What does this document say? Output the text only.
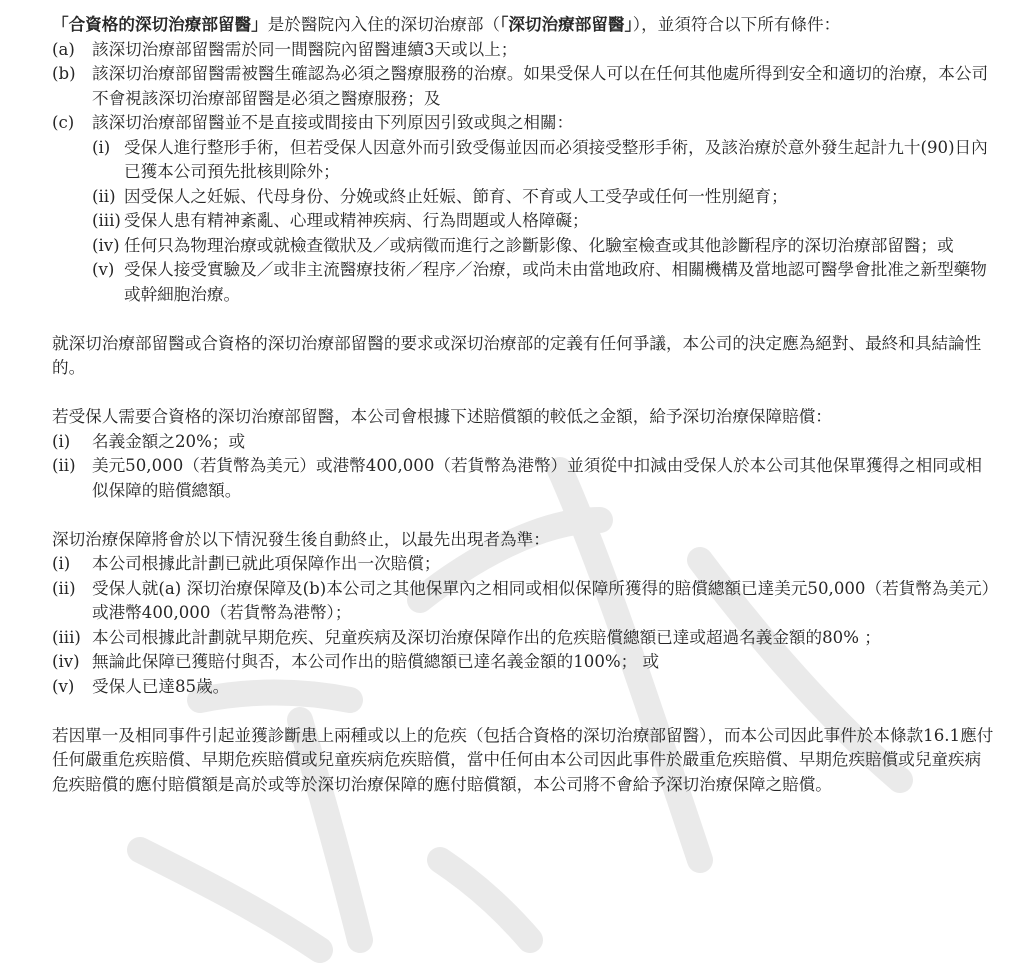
「合資格的深切治療部留醫」是於醫院內入住的深切治療部（「深切治療部留醫」），並須符合以下所有條件：

(a)	該深切治療部留醫需於同一間醫院內留醫連續3天或以上；
(b) 該深切治療部留醫需被醫生確認為必須之醫療服務的治療。如果受保人可以在任何其他處所得到安全和適切的治療，本公司不會視該深切治療部留醫是必須之醫療服務；及
(c)	該深切治療部留醫並不是直接或間接由下列原因引致或與之相關：
(i) 受保人進行整形手術，但若受保人因意外而引致受傷並因而必須接受整形手術，及該治療於意外發生起計九十(90)日內已獲本公司預先批核則除外；
(ii) 因受保人之妊娠、代母身份、分娩或終止妊娠、節育、不育或人工受孕或任何一性別絕育；
(iii) 受保人患有精神紊亂、心理或精神疾病、行為問題或人格障礙；
(iv) 任何只為物理治療或就檢查徵狀及／或病徵而進行之診斷影像、化驗室檢查或其他診斷程序的深切治療部留醫；或
(v) 受保人接受實驗及／或非主流醫療技術／程序／治療，或尚未由當地政府、相關機構及當地認可醫學會批准之新型藥物或幹細胞治療。

就深切治療部留醫或合資格的深切治療部留醫的要求或深切治療部的定義有任何爭議，本公司的決定應為絕對、最終和具結論性的。

若受保人需要合資格的深切治療部留醫，本公司會根據下述賠償額的較低之金額，給予深切治療保障賠償：

(i)	名義金額之20%；或
(ii) 美元50,000（若貨幣為美元）或港幣400,000（若貨幣為港幣）並須從中扣減由受保人於本公司其他保單獲得之相同或相似保障的賠償總額。

深切治療保障將會於以下情況發生後自動終止，以最先出現者為準：

(i)	本公司根據此計劃已就此項保障作出一次賠償；
(ii) 受保人就(a) 深切治療保障及(b)本公司之其他保單內之相同或相似保障所獲得的賠償總額已達美元50,000（若貨幣為美元）或港幣400,000（若貨幣為港幣）；
(iii) 本公司根據此計劃就早期危疾、兒童疾病及深切治療保障作出的危疾賠償總額已達或超過名義金額的80% ；
(iv) 無論此保障已獲賠付與否，本公司作出的賠償總額已達名義金額的100%； 或
(v)	受保人已達85歲。

若因單一及相同事件引起並獲診斷患上兩種或以上的危疾（包括合資格的深切治療部留醫），而本公司因此事件於本條款16.1應付任何嚴重危疾賠償、早期危疾賠償或兒童疾病危疾賠償，當中任何由本公司因此事件於嚴重危疾賠償、早期危疾賠償或兒童疾病危疾賠償的應付賠償額是高於或等於深切治療保障的應付賠償額，本公司將不會給予深切治療保障之賠償。
